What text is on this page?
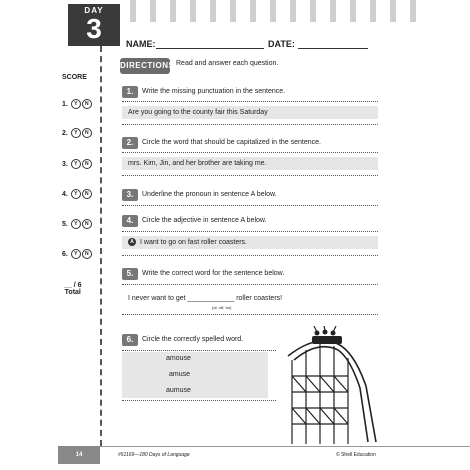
DAY
3
SCORE
1. Y N
2. Y N
3. Y N
4. Y N
5. Y N
6. Y N
__ / 6
Total
NAME:	DATE:
DIRECTIONS Read and answer each question.
1.	Write the missing punctuation in the sentence.
Are you going to the county fair this Saturday
2.	Circle the word that should be capitalized in the sentence.
mrs. Kim, Jin, and her brother are taking me.
3.	Underline the pronoun in sentence A below.
4.	Circle the adjective in sentence A below.
A I want to go on fast roller coasters.
5.	Write the correct word for the sentence below.
I never want to get ____________ roller coasters!
(of, off, for)
6.	Circle the correctly spelled word.
amouse
amuse
aumuse
14	#51169—180 Days of Language	© Shell Education
